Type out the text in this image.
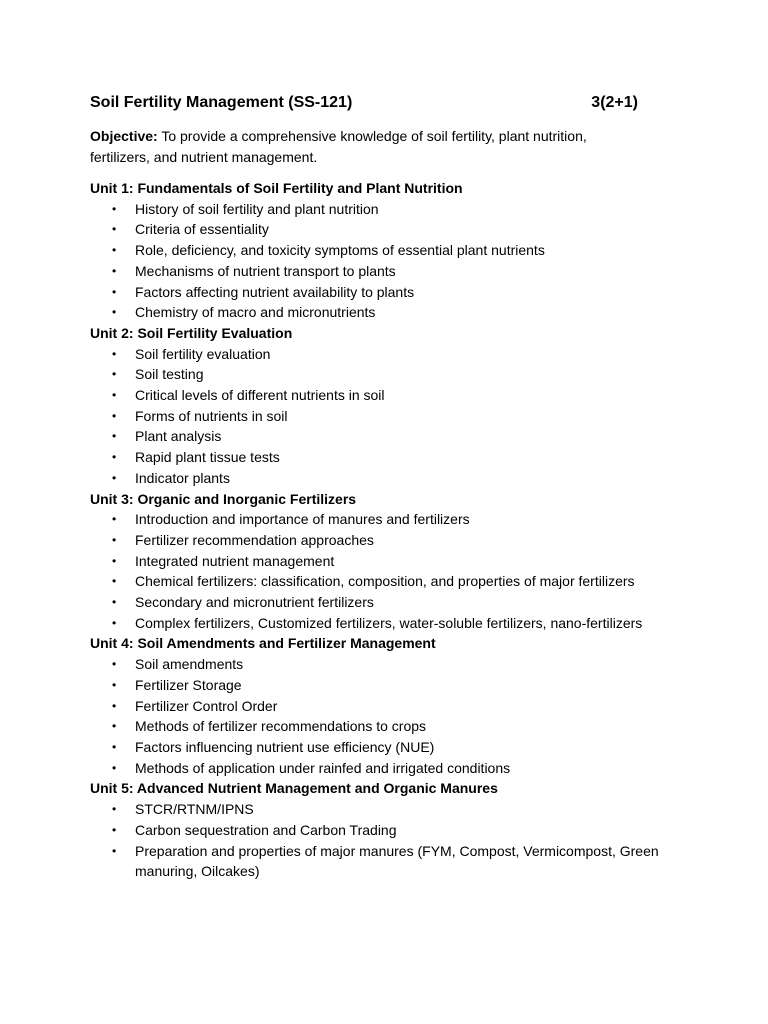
Soil Fertility Management (SS-121)	3(2+1)
Objective: To provide a comprehensive knowledge of soil fertility, plant nutrition, fertilizers, and nutrient management.
Unit 1: Fundamentals of Soil Fertility and Plant Nutrition
• History of soil fertility and plant nutrition
• Criteria of essentiality
• Role, deficiency, and toxicity symptoms of essential plant nutrients
• Mechanisms of nutrient transport to plants
• Factors affecting nutrient availability to plants
• Chemistry of macro and micronutrients
Unit 2: Soil Fertility Evaluation
• Soil fertility evaluation
• Soil testing
• Critical levels of different nutrients in soil
• Forms of nutrients in soil
• Plant analysis
• Rapid plant tissue tests
• Indicator plants
Unit 3: Organic and Inorganic Fertilizers
• Introduction and importance of manures and fertilizers
• Fertilizer recommendation approaches
• Integrated nutrient management
• Chemical fertilizers: classification, composition, and properties of major fertilizers
• Secondary and micronutrient fertilizers
• Complex fertilizers, Customized fertilizers, water-soluble fertilizers, nano-fertilizers
Unit 4: Soil Amendments and Fertilizer Management
• Soil amendments
• Fertilizer Storage
• Fertilizer Control Order
• Methods of fertilizer recommendations to crops
• Factors influencing nutrient use efficiency (NUE)
• Methods of application under rainfed and irrigated conditions
Unit 5: Advanced Nutrient Management and Organic Manures
• STCR/RTNM/IPNS
• Carbon sequestration and Carbon Trading
• Preparation and properties of major manures (FYM, Compost, Vermicompost, Green manuring, Oilcakes)
